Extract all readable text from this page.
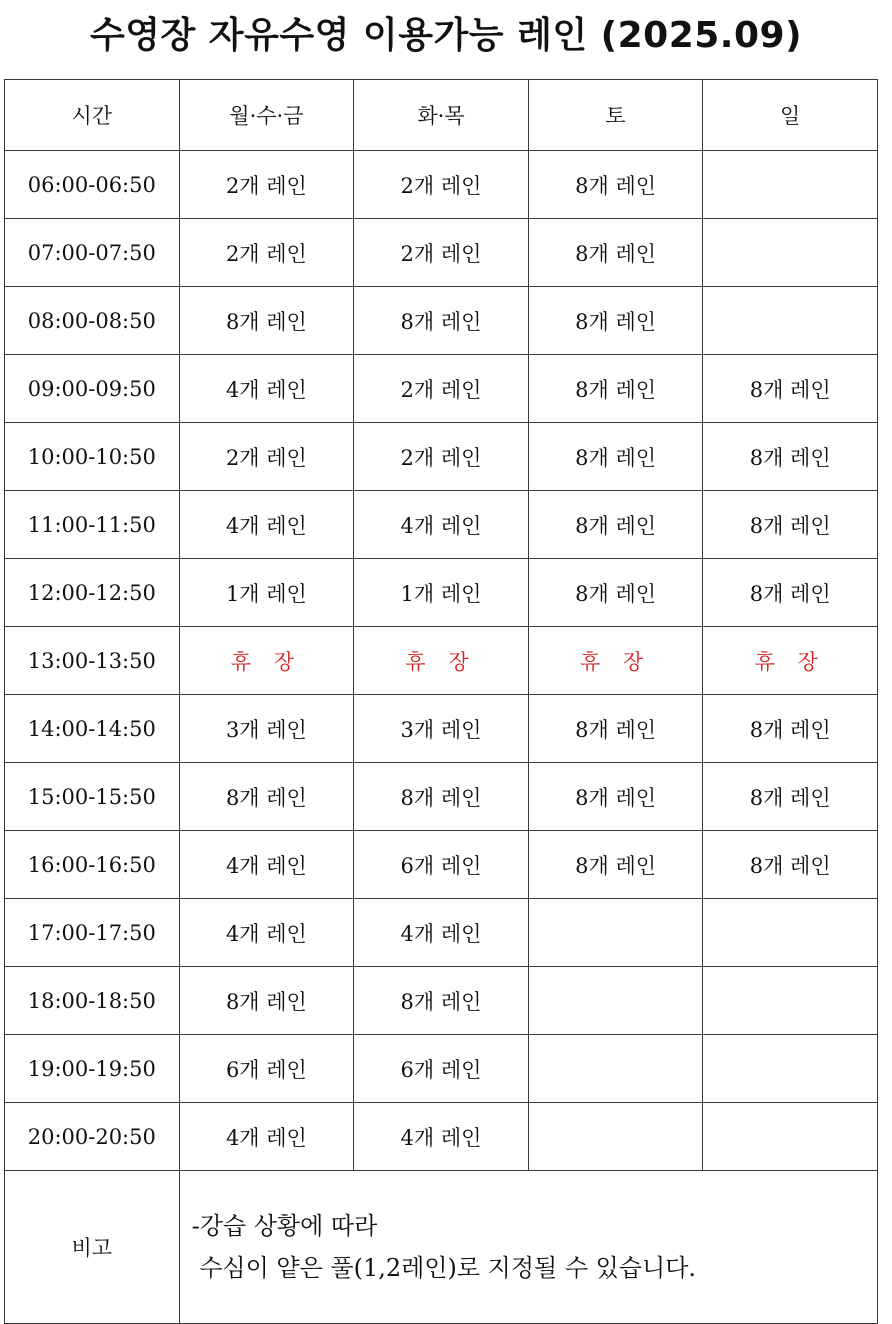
수영장 자유수영 이용가능 레인 (2025.09)
시간	월·수·금	화·목	토	일
06:00-06:50	2개 레인	2개 레인	8개 레인	
07:00-07:50	2개 레인	2개 레인	8개 레인	
08:00-08:50	8개 레인	8개 레인	8개 레인	
09:00-09:50	4개 레인	2개 레인	8개 레인	8개 레인
10:00-10:50	2개 레인	2개 레인	8개 레인	8개 레인
11:00-11:50	4개 레인	4개 레인	8개 레인	8개 레인
12:00-12:50	1개 레인	1개 레인	8개 레인	8개 레인
13:00-13:50	휴 장	휴 장	휴 장	휴 장
14:00-14:50	3개 레인	3개 레인	8개 레인	8개 레인
15:00-15:50	8개 레인	8개 레인	8개 레인	8개 레인
16:00-16:50	4개 레인	6개 레인	8개 레인	8개 레인
17:00-17:50	4개 레인	4개 레인		
18:00-18:50	8개 레인	8개 레인		
19:00-19:50	6개 레인	6개 레인		
20:00-20:50	4개 레인	4개 레인		
비고	-강습 상황에 따라
수심이 얕은 풀(1,2레인)로 지정될 수 있습니다.			
